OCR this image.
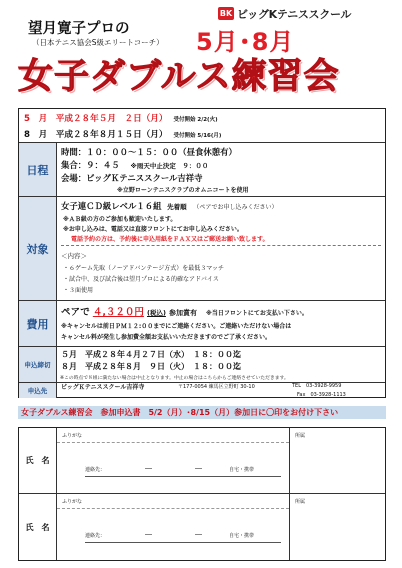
BK ビッグKテニススクール
望月寛子プロの
（日本テニス協会S級エリートコーチ） 5月･8月
女子ダブルス練習会
5　月　平成２８年５月　２日（月） 受付開始 2/2(火)
8　月　平成２８年８月１５日（月） 受付開始 5/16(月)
日程
時間：１０：００～１５：００（昼食休憩有）
集合：９：４５ ※雨天中止決定　９：００
会場：ビッグＫテニススクール吉祥寺
※立野ローンテニスクラブのオムニコートを使用
対象
女子連ＣＤ級レベル１６組 先着順 （ペアでお申し込みください）
※ＡＢ級の方のご参加も歓迎いたします。
※お申し込みは、電話又は直接フロントにてお申し込みください。
電話予約の方は、予約後に申込用紙をＦＡＸ又はご郵送お願い致します。
＜内容＞
・６ゲーム先取（ノーアドバンテージ方式）を最低３マッチ
・試合中、及び試合後は望月プロによる的確なアドバイス
・３面使用
費用
ペアで ４,３２０円 (税込) 参加賞有 ※当日フロントにてお支払い下さい。
※キャンセルは前日ＰＭ１２:００までにご連絡ください。ご連絡いただけない場合は
キャンセル料が発生し参加費全額お支払いいただきますのでご了承ください。
申込締切
５月　平成２８年４月２７日（水）　１８：００迄
８月　平成２８年８月　９日（火）　１８：００迄
※この時点で８組に満たない場合は中止となります。中止の場合はこちらからご連絡させていただきます。
申込先	ビッグＫテニススクール吉祥寺	〒177-0054 練馬区立野町 30-10	TEL　03-3928-9959
Fax　03-3928-1113
女子ダブルス練習会　参加申込書　5/2（月）･8/15（月）参加日に〇印をお付け下さい
氏　名
ふりがな
連絡先：	―	―	自宅・携帯
所属
氏　名
ふりがな
連絡先：	―	―	自宅・携帯
所属
